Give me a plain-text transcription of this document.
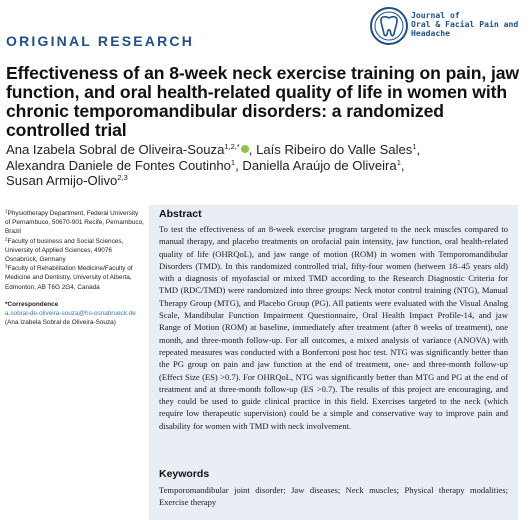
ORIGINAL RESEARCH
Journal of
Oral & Facial Pain and
Headache
Effectiveness of an 8-week neck exercise training on pain, jaw function, and oral health-related quality of life in women with chronic temporomandibular disorders: a randomized controlled trial
Ana Izabela Sobral de Oliveira-Souza$^{1,2,*}$ , Laís Ribeiro do Valle Sales$^1$,
Alexandra Daniele de Fontes Coutinho$^1$, Daniella Araújo de Oliveira$^1$,
Susan Armijo-Olivo$^{2,3}$
$^1$Physiotherapy Department, Federal University of Pernambuco, 50670-901 Recife, Pernambuco, Brazil
$^2$Faculty of business and Social Sciences, University of Applied Sciences, 49076 Osnabrück, Germany
$^3$Faculty of Rehabilitation Medicine/Faculty of Medicine and Dentistry, University of Alberta, Edmonton, AB T6G 2G4, Canada
*Correspondence
a.sobral-de-oliveira-souza@hs-osnabrueck.de
(Ana Izabela Sobral de Oliveira-Souza)
Abstract
To test the effectiveness of an 8-week exercise program targeted to the neck muscles compared to manual therapy, and placebo treatments on orofacial pain intensity, jaw function, oral health-related quality of life (OHRQoL), and jaw range of motion (ROM) in women with Temporomandibular Disorders (TMD). In this randomized controlled trial, fifty-four women (between 18–45 years old) with a diagnosis of myofascial or mixed TMD according to the Research Diagnostic Criteria for TMD (RDC/TMD) were randomized into three groups: Neck motor control training (NTG), Manual Therapy Group (MTG), and Placebo Group (PG). All patients were evaluated with the Visual Analog Scale, Mandibular Function Impairment Questionnaire, Oral Health Impact Profile-14, and jaw Range of Motion (ROM) at baseline, immediately after treatment (after 8 weeks of treatment), one month, and three-month follow-up. For all outcomes, a mixed analysis of variance (ANOVA) with repeated measures was conducted with a Bonferroni post hoc test. NTG was significantly better than the PG group on pain and jaw function at the end of treatment, one- and three-month follow-up (Effect Size (ES) >0.7). For OHRQoL, NTG was significantly better than MTG and PG at the end of treatment and at three-month follow-up (ES >0.7). The results of this project are encouraging, and they could be used to guide clinical practice in this field. Exercises targeted to the neck (which require low therapeutic supervision) could be a simple and conservative way to improve pain and disability for women with TMD with neck involvement.
Keywords
Temporomandibular joint disorder; Jaw diseases; Neck muscles; Physical therapy modalities; Exercise therapy
